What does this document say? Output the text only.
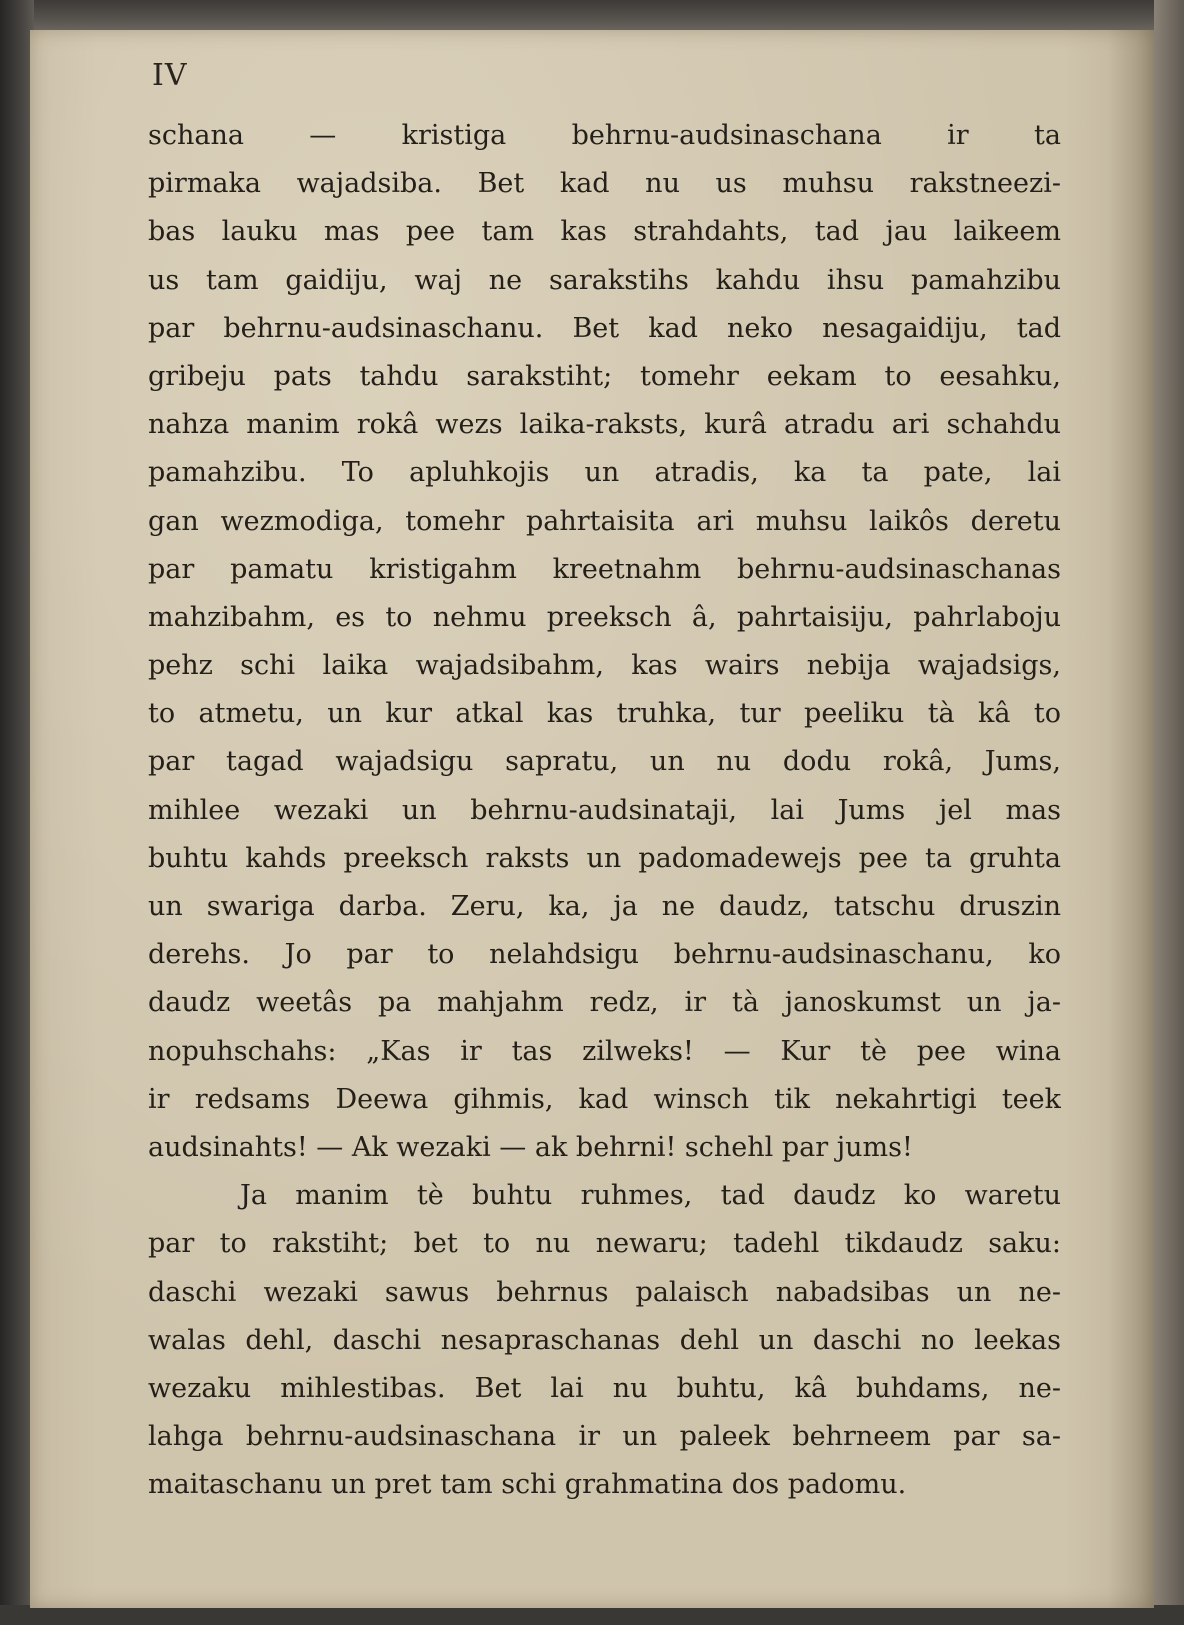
IV
schana — kristiga behrnu-audsinaschana ir ta
pirmaka wajadsiba. Bet kad nu us muhsu rakstneezi-
bas lauku mas pee tam kas strahdahts, tad jau laikeem
us tam gaidiju, waj ne sarakstihs kahdu ihsu pamahzibu
par behrnu-audsinaschanu. Bet kad neko nesagaidiju, tad
gribeju pats tahdu sarakstiht; tomehr eekam to eesahku,
nahza manim rokâ wezs laika-raksts, kurâ atradu ari schahdu
pamahzibu. To apluhkojis un atradis, ka ta pate, lai
gan wezmodiga, tomehr pahrtaisita ari muhsu laikôs deretu
par pamatu kristigahm kreetnahm behrnu-audsinaschanas
mahzibahm, es to nehmu preeksch â, pahrtaisiju, pahrlaboju
pehz schi laika wajadsibahm, kas wairs nebija wajadsigs,
to atmetu, un kur atkal kas truhka, tur peeliku tà kâ to
par tagad wajadsigu sapratu, un nu dodu rokâ, Jums,
mihlee wezaki un behrnu-audsinataji, lai Jums jel mas
buhtu kahds preeksch raksts un padomadewejs pee ta gruhta
un swariga darba. Zeru, ka, ja ne daudz, tatschu druszin
derehs. Jo par to nelahdsigu behrnu-audsinaschanu, ko
daudz weetâs pa mahjahm redz, ir tà janoskumst un ja-
nopuhschahs: „Kas ir tas zilweks! — Kur tè pee wina
ir redsams Deewa gihmis, kad winsch tik nekahrtigi teek
audsinahts! — Ak wezaki — ak behrni! schehl par jums!
Ja manim tè buhtu ruhmes, tad daudz ko waretu
par to rakstiht; bet to nu newaru; tadehl tikdaudz saku:
daschi wezaki sawus behrnus palaisch nabadsibas un ne-
walas dehl, daschi nesapraschanas dehl un daschi no leekas
wezaku mihlestibas. Bet lai nu buhtu, kâ buhdams, ne-
lahga behrnu-audsinaschana ir un paleek behrneem par sa-
maitaschanu un pret tam schi grahmatina dos padomu.
